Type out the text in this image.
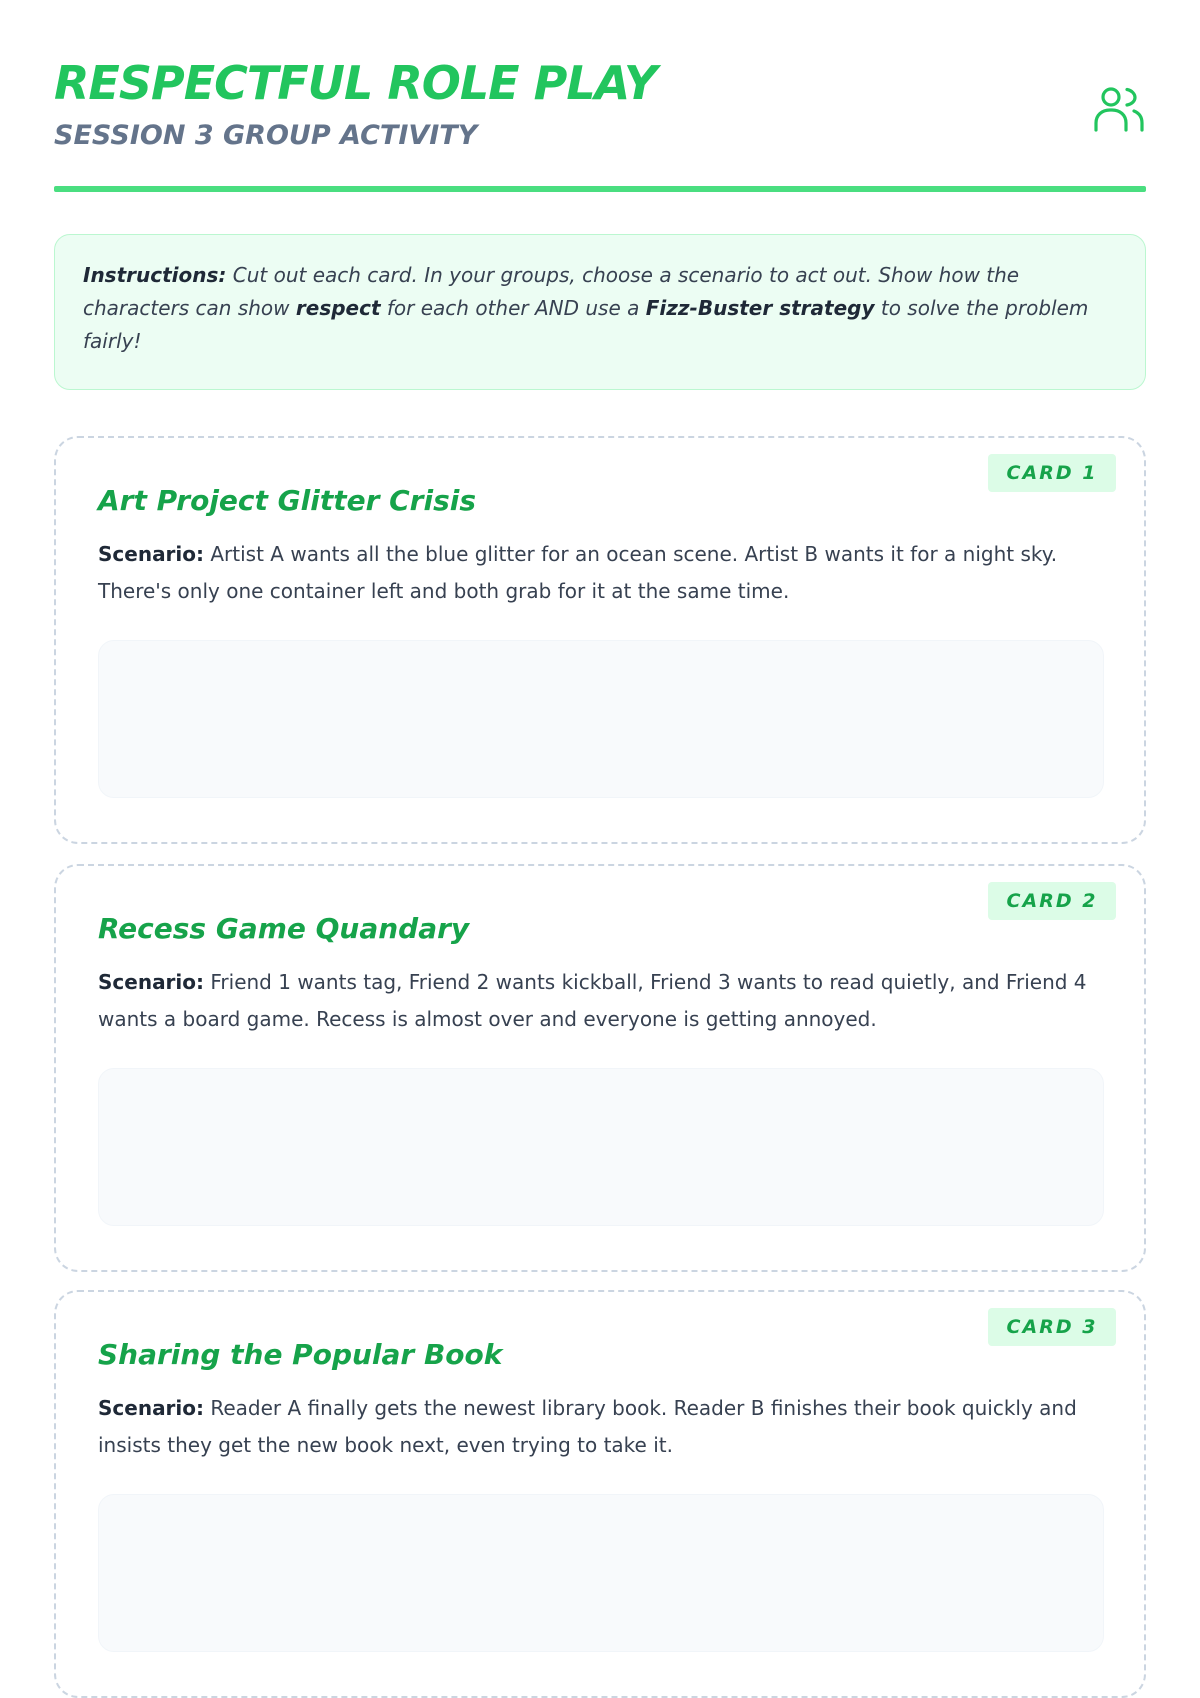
RESPECTFUL ROLE PLAY
SESSION 3 GROUP ACTIVITY
Instructions: Cut out each card. In your groups, choose a scenario to act out. Show how the characters can show respect for each other AND use a Fizz-Buster strategy to solve the problem fairly!
CARD 1
Art Project Glitter Crisis

Scenario: Artist A wants all the blue glitter for an ocean scene. Artist B wants it for a night sky. There's only one container left and both grab for it at the same time.

CARD 2
Recess Game Quandary

Scenario: Friend 1 wants tag, Friend 2 wants kickball, Friend 3 wants to read quietly, and Friend 4 wants a board game. Recess is almost over and everyone is getting annoyed.

CARD 3
Sharing the Popular Book

Scenario: Reader A finally gets the newest library book. Reader B finishes their book quickly and insists they get the new book next, even trying to take it.
